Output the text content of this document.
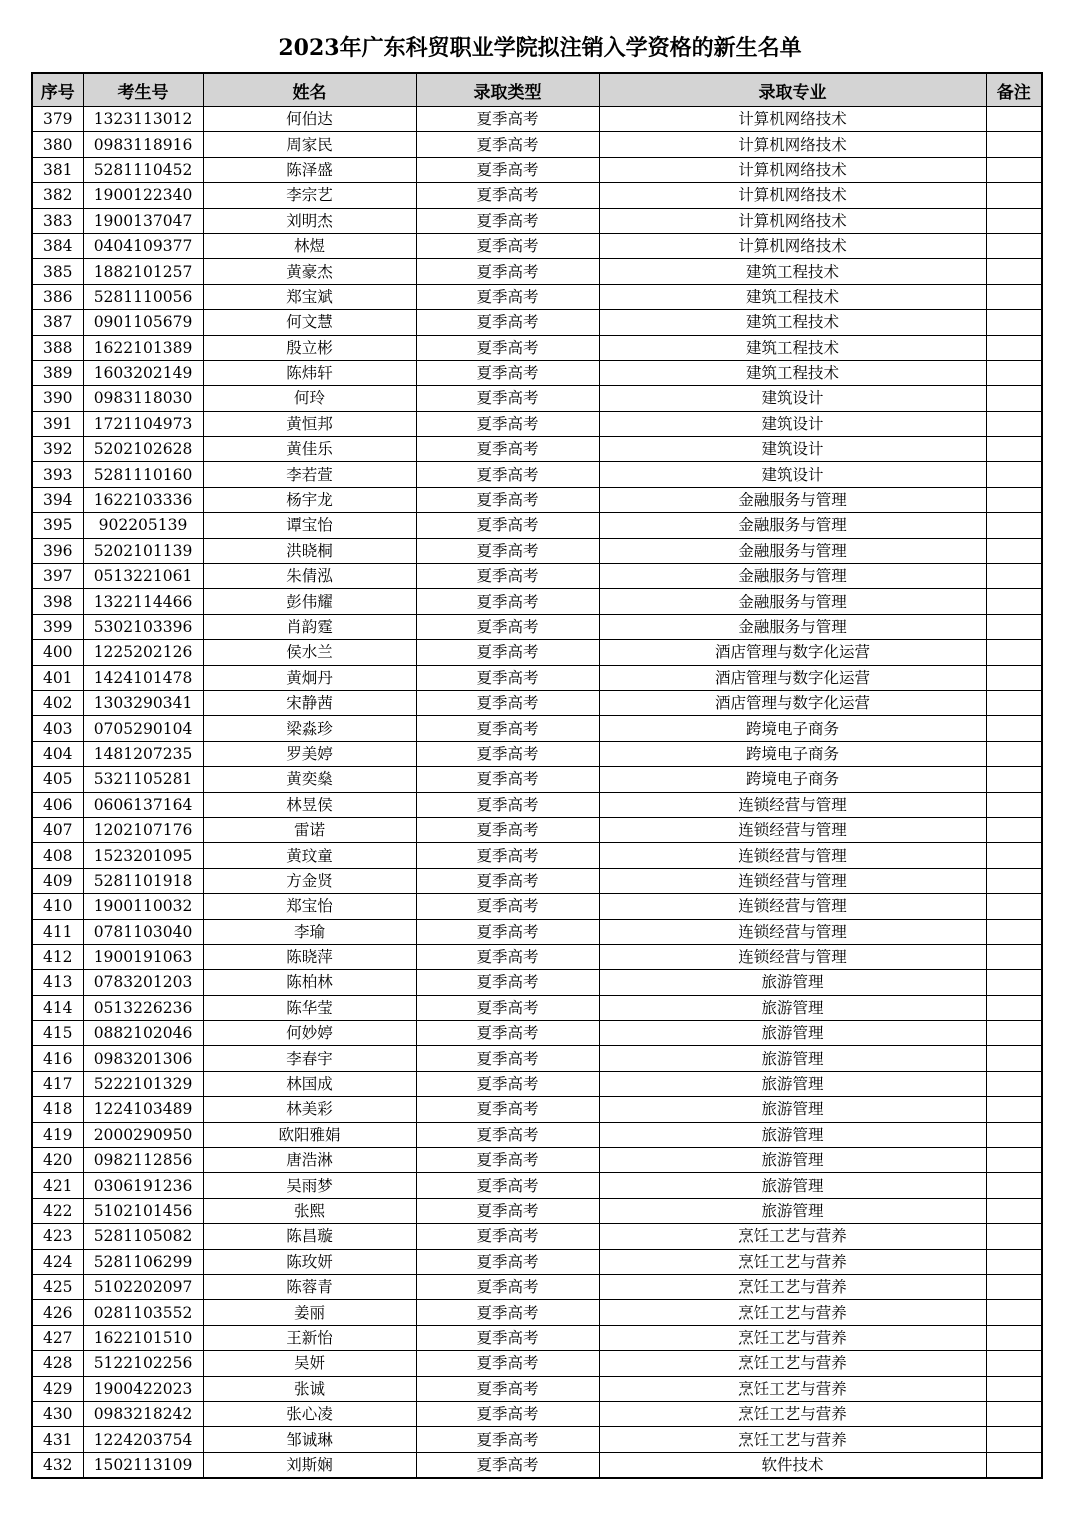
2023年广东科贸职业学院拟注销入学资格的新生名单
序号	考生号	姓名	录取类型	录取专业	备注
379	1323113012	何伯达	夏季高考	计算机网络技术	
380	0983118916	周家民	夏季高考	计算机网络技术	
381	5281110452	陈泽盛	夏季高考	计算机网络技术	
382	1900122340	李宗艺	夏季高考	计算机网络技术	
383	1900137047	刘明杰	夏季高考	计算机网络技术	
384	0404109377	林煜	夏季高考	计算机网络技术	
385	1882101257	黄豪杰	夏季高考	建筑工程技术	
386	5281110056	郑宝斌	夏季高考	建筑工程技术	
387	0901105679	何文慧	夏季高考	建筑工程技术	
388	1622101389	殷立彬	夏季高考	建筑工程技术	
389	1603202149	陈炜轩	夏季高考	建筑工程技术	
390	0983118030	何玲	夏季高考	建筑设计	
391	1721104973	黄恒邦	夏季高考	建筑设计	
392	5202102628	黄佳乐	夏季高考	建筑设计	
393	5281110160	李若萱	夏季高考	建筑设计	
394	1622103336	杨宇龙	夏季高考	金融服务与管理	
395	902205139	谭宝怡	夏季高考	金融服务与管理	
396	5202101139	洪晓桐	夏季高考	金融服务与管理	
397	0513221061	朱倩泓	夏季高考	金融服务与管理	
398	1322114466	彭伟耀	夏季高考	金融服务与管理	
399	5302103396	肖韵霆	夏季高考	金融服务与管理	
400	1225202126	侯水兰	夏季高考	酒店管理与数字化运营	
401	1424101478	黄炯丹	夏季高考	酒店管理与数字化运营	
402	1303290341	宋静茜	夏季高考	酒店管理与数字化运营	
403	0705290104	梁淼珍	夏季高考	跨境电子商务	
404	1481207235	罗美婷	夏季高考	跨境电子商务	
405	5321105281	黄奕燊	夏季高考	跨境电子商务	
406	0606137164	林昱侯	夏季高考	连锁经营与管理	
407	1202107176	雷诺	夏季高考	连锁经营与管理	
408	1523201095	黄玟童	夏季高考	连锁经营与管理	
409	5281101918	方金贤	夏季高考	连锁经营与管理	
410	1900110032	郑宝怡	夏季高考	连锁经营与管理	
411	0781103040	李瑜	夏季高考	连锁经营与管理	
412	1900191063	陈晓萍	夏季高考	连锁经营与管理	
413	0783201203	陈柏林	夏季高考	旅游管理	
414	0513226236	陈华莹	夏季高考	旅游管理	
415	0882102046	何妙婷	夏季高考	旅游管理	
416	0983201306	李春宇	夏季高考	旅游管理	
417	5222101329	林国成	夏季高考	旅游管理	
418	1224103489	林美彩	夏季高考	旅游管理	
419	2000290950	欧阳雅娟	夏季高考	旅游管理	
420	0982112856	唐浩淋	夏季高考	旅游管理	
421	0306191236	吴雨梦	夏季高考	旅游管理	
422	5102101456	张熙	夏季高考	旅游管理	
423	5281105082	陈昌璇	夏季高考	烹饪工艺与营养	
424	5281106299	陈玫妍	夏季高考	烹饪工艺与营养	
425	5102202097	陈蓉青	夏季高考	烹饪工艺与营养	
426	0281103552	姜丽	夏季高考	烹饪工艺与营养	
427	1622101510	王新怡	夏季高考	烹饪工艺与营养	
428	5122102256	吴妍	夏季高考	烹饪工艺与营养	
429	1900422023	张诚	夏季高考	烹饪工艺与营养	
430	0983218242	张心凌	夏季高考	烹饪工艺与营养	
431	1224203754	邹诚琳	夏季高考	烹饪工艺与营养	
432	1502113109	刘斯娴	夏季高考	软件技术	
